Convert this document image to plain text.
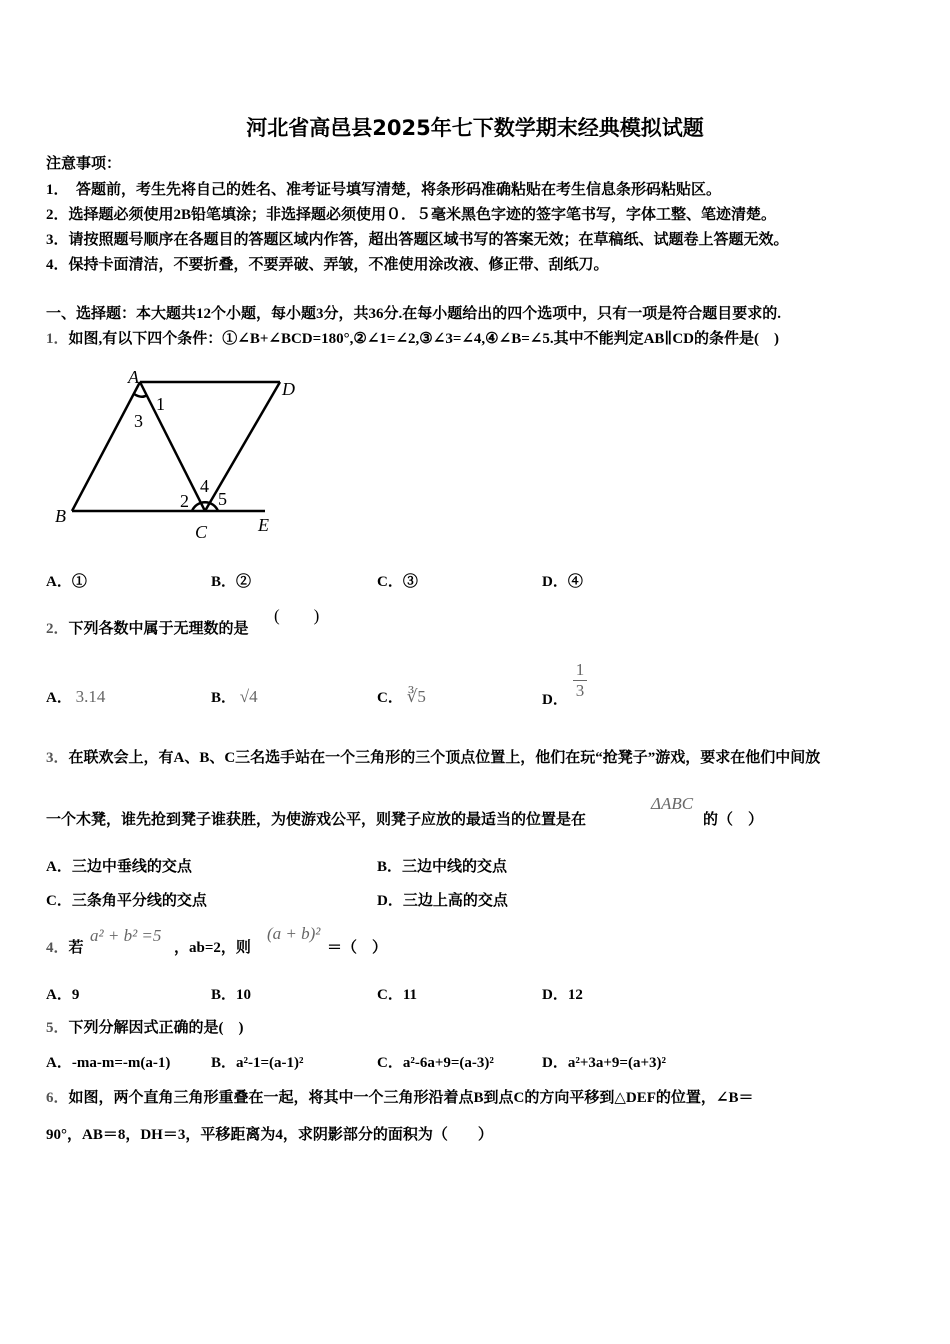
河北省高邑县2025年七下数学期末经典模拟试题
注意事项：
1．　答题前，考生先将自己的姓名、准考证号填写清楚，将条形码准确粘贴在考生信息条形码粘贴区。
2．选择题必须使用2B铅笔填涂；非选择题必须使用０．５毫米黑色字迹的签字笔书写，字体工整、笔迹清楚。
3．请按照题号顺序在各题目的答题区域内作答，超出答题区域书写的答案无效；在草稿纸、试题卷上答题无效。
4．保持卡面清洁，不要折叠，不要弄破、弄皱，不准使用涂改液、修正带、刮纸刀。
一、选择题：本大题共12个小题，每小题3分，共36分.在每小题给出的四个选项中，只有一项是符合题目要求的.
1．如图,有以下四个条件：①∠B+∠BCD=180°,②∠1=∠2,③∠3=∠4,④∠B=∠5.其中不能判定AB∥CD的条件是(　)
A
D
B
C	E
1
2
3
4
5
A．①	B．②	C．③	D．④
2．下列各数中属于无理数的是
(　　)
A． 3.14	B． √4	C． ∛5	D． $\frac{1}{3}$
3．在联欢会上，有A、B、C三名选手站在一个三角形的三个顶点位置上，他们在玩“抢凳子”游戏，要求在他们中间放
一个木凳，谁先抢到凳子谁获胜，为使游戏公平，则凳子应放的最适当的位置是在
ΔABC
的（　）
A．三边中垂线的交点	B．三边中线的交点
C．三条角平分线的交点	D．三边上高的交点
4．若
a² + b² =5
，ab=2，则
(a + b)²
＝（　）
A．9	B．10	C．11	D．12
5．下列分解因式正确的是(　)
A．-ma-m=-m(a-1)	B．a²-1=(a-1)²	C．a²-6a+9=(a-3)²	D．a²+3a+9=(a+3)²
6．如图，两个直角三角形重叠在一起，将其中一个三角形沿着点B到点C的方向平移到△DEF的位置，∠B＝
90°，AB＝8，DH＝3，平移距离为4，求阴影部分的面积为（　　）
